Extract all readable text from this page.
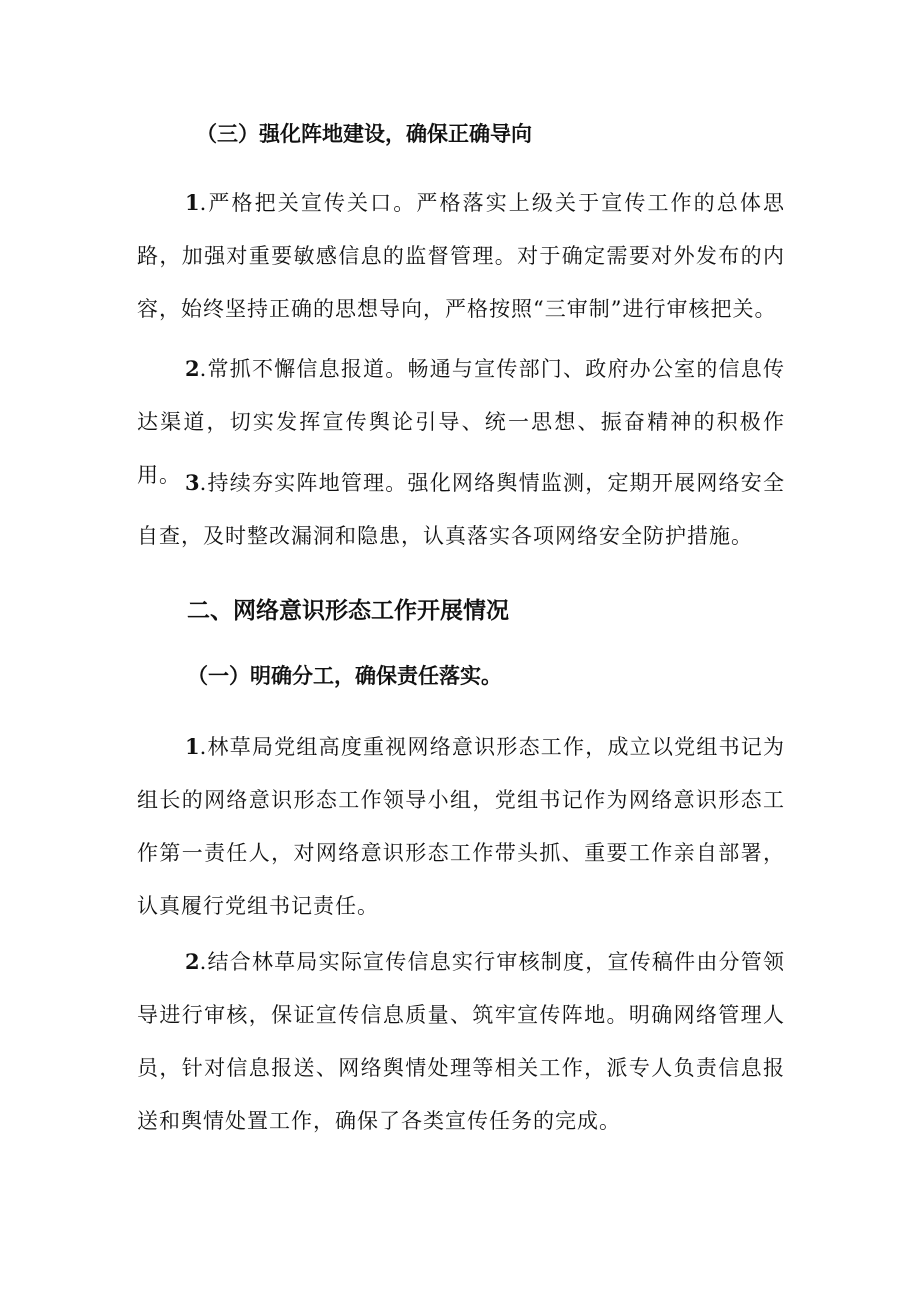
（三）强化阵地建设，确保正确导向

1.严格把关宣传关口。严格落实上级关于宣传工作的总体思路，加强对重要敏感信息的监督管理。对于确定需要对外发布的内容，始终坚持正确的思想导向，严格按照“三审制”进行审核把关。

2.常抓不懈信息报道。畅通与宣传部门、政府办公室的信息传达渠道，切实发挥宣传舆论引导、统一思想、振奋精神的积极作用。 3.持续夯实阵地管理。强化网络舆情监测，定期开展网络安全自查，及时整改漏洞和隐患，认真落实各项网络安全防护措施。

二、网络意识形态工作开展情况
（一）明确分工，确保责任落实。

1.林草局党组高度重视网络意识形态工作，成立以党组书记为组长的网络意识形态工作领导小组，党组书记作为网络意识形态工作第一责任人，对网络意识形态工作带头抓、重要工作亲自部署，认真履行党组书记责任。

2.结合林草局实际宣传信息实行审核制度，宣传稿件由分管领导进行审核，保证宣传信息质量、筑牢宣传阵地。明确网络管理人员，针对信息报送、网络舆情处理等相关工作，派专人负责信息报送和舆情处置工作，确保了各类宣传任务的完成。
